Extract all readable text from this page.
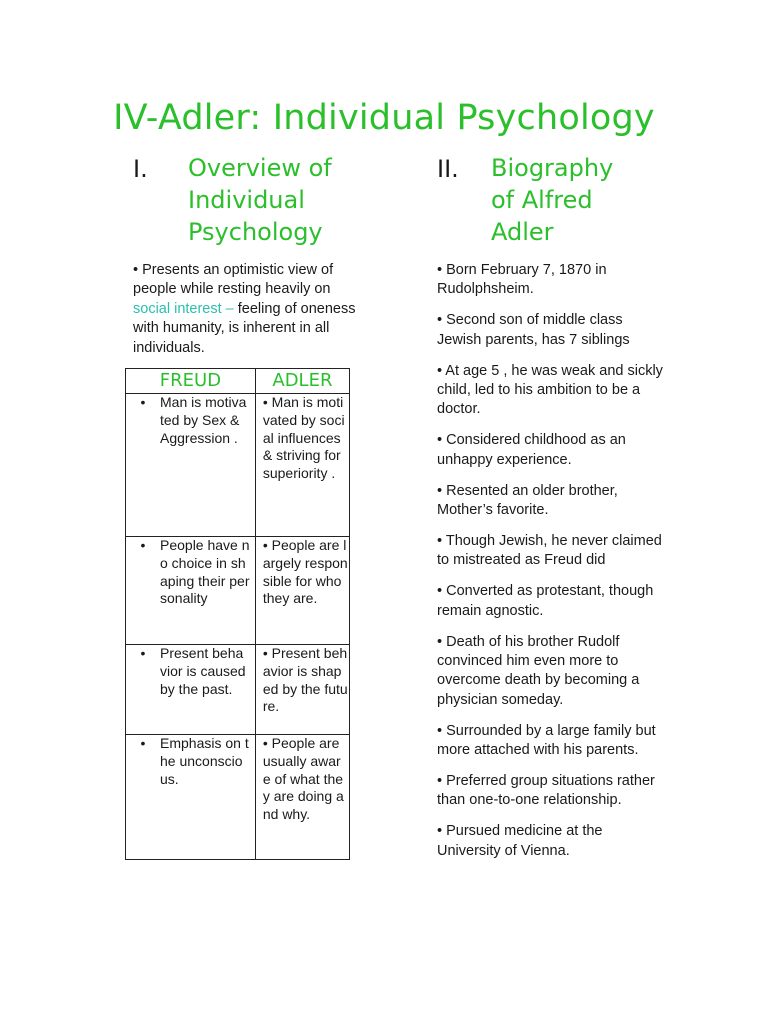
IV-Adler: Individual Psychology
I. Overview of
Individual
Psychology
II. Biography
of Alfred
Adler
• Presents an optimistic view of people while resting heavily on social interest – feeling of oneness with humanity, is inherent in all individuals.
FREUD	ADLER

• Man is motivated by Sex & Aggression .	• Man is motivated by social influences & striving for superiority .

• People have no choice in shaping their personality	• People are largely responsible for who they are.

• Present behavior is caused by the past.	• Present behavior is shaped by the future.

• Emphasis on the unconscious.	• People are usually aware of what they are doing and why.

• Born February 7, 1870 in Rudolphsheim.

• Second son of middle class Jewish parents, has 7 siblings

• At age 5 , he was weak and sickly child, led to his ambition to be a doctor.

• Considered childhood as an unhappy experience.

• Resented an older brother, Mother’s favorite.

• Though Jewish, he never claimed to mistreated as Freud did

• Converted as protestant, though remain agnostic.

• Death of his brother Rudolf convinced him even more to overcome death by becoming a physician someday.

• Surrounded by a large family but more attached with his parents.

• Preferred group situations rather than one-to-one relationship.

• Pursued medicine at the University of Vienna.
